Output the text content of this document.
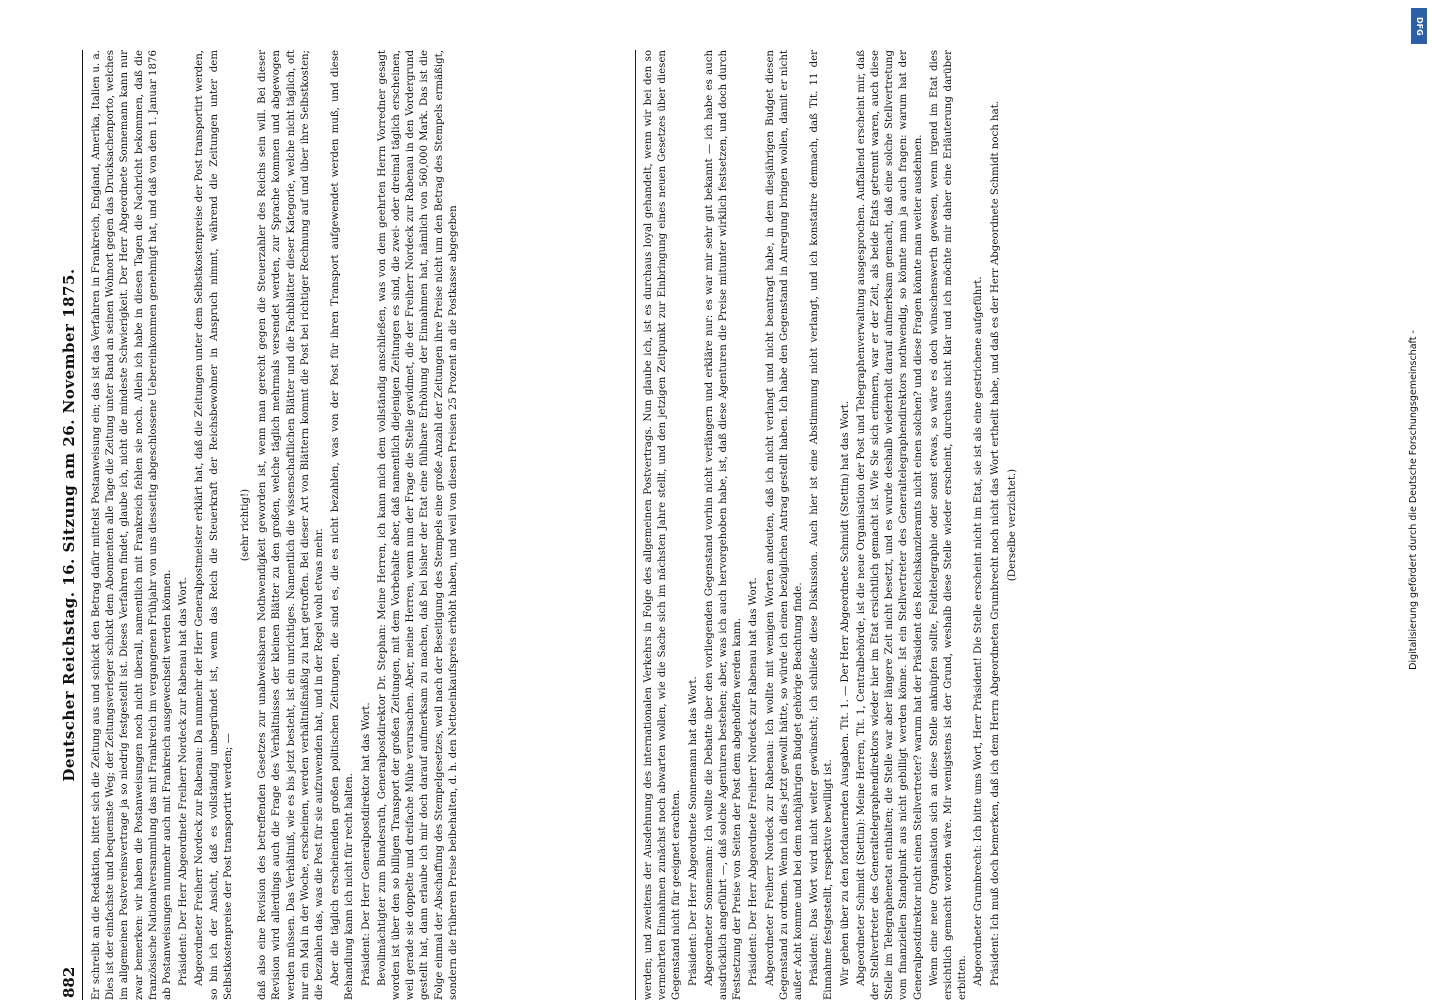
882
Deutscher Reichstag. 16. Sitzung am 26. November 1875. Er schreibt an die Redaktion, bittet sich die Zeitung aus und schickt den Betrag dafür mittelst Postanweisung ein; das ist das Verfahren in Frankreich, England, Amerika, Italien u. a. Dies ist der einfachste und bequemste Weg; der Zeitungsverleger schickt dem Abonnenten alle Tage die Zeitung unter Band an seinen Wohnort gegen das Drucksachenporto, welches im allgemeinen Postvereinsvertrage ja so niedrig festgestellt ist. Dieses Verfahren findet, glaube ich, nicht die mindeste Schwierigkeit. Der Herr Abgeordnete Sonnemann kann nur zwar bemerken: wir haben die Postanweisungen noch nicht überall, namentlich mit Frankreich fehlen sie noch. Allein ich habe in diesen Tagen die Nachricht bekommen, daß die französische Nationalversammlung das mit Frankreich im vergangenen Frühjahr von uns diesseitig abgeschlossene Uebereinkommen genehmigt hat, und daß von dem 1. Januar 1876 ab Postanweisungen nunmehr auch mit Frankreich ausgewechselt werden können. Präsident: Der Herr Abgeordnete Freiherr Nordeck zur Rabenau hat das Wort. Abgeordneter Freiherr Nordeck zur Rabenau: Da nunmehr der Herr Generalpostmeister erklärt hat, daß die Zeitungen unter dem Selbstkostenpreise der Post transportirt werden, so bin ich der Ansicht, daß es vollständig unbegründet ist, wenn das Reich die Steuerkraft der Reichsbewohner in Anspruch nimmt, während die Zeitungen unter dem Selbstkostenpreise der Post transportirt werden; —

(sehr richtig!) daß also eine Revision des betreffenden Gesetzes zur unabweisbaren Nothwendigkeit geworden ist, wenn man gerecht gegen die Steuerzahler des Reichs sein will. Bei dieser Revision wird allerdings auch die Frage des Verhältnisses der kleinen Blätter zu den großen, welche täglich mehrmals versendet werden, zur Sprache kommen und abgewogen werden müssen. Das Verhältniß, wie es bis jetzt besteht, ist ein unrichtiges. Namentlich die wissenschaftlichen Blätter und die Fachblätter dieser Kategorie, welche nicht täglich, oft nur ein Mal in der Woche, erscheinen, werden verhältnißmäßig zu hart getroffen. Bei dieser Art von Blättern kommt die Post bei richtiger Rechnung auf und über ihre Selbstkosten; die bezahlen das, was die Post für sie aufzuwenden hat, und in der Regel wohl etwas mehr. Aber die täglich erscheinenden großen politischen Zeitungen, die sind es, die es nicht bezahlen, was von der Post für ihren Transport aufgewendet werden muß, und diese Behandlung kann ich nicht für recht halten. Präsident: Der Herr Generalpostdirektor hat das Wort. Bevollmächtigter zum Bundesrath, Generalpostdirektor Dr. Stephan: Meine Herren, ich kann mich dem vollständig anschließen, was von dem geehrten Herrn Vorredner gesagt worden ist über den so billigen Transport der großen Zeitungen, mit dem Vorbehalte aber, daß namentlich diejenigen Zeitungen es sind, die zwei- oder dreimal täglich erscheinen, weil gerade sie doppelte und dreifache Mühe verursachen. Aber, meine Herren, wenn nun der Frage die Stelle gewidmet, die der Freiherr Nordeck zur Rabenau in den Vordergrund gestellt hat, dann erlaube ich mir doch darauf aufmerksam zu machen, daß bei bisher der Etat eine fühlbare Erhöhung der Einnahmen hat, nämlich von 560,000 Mark. Das ist die Folge einmal der Abschaffung des Stempelgesetzes, weil nach der Beseitigung des Stempels eine große Anzahl der Zeitungen ihre Preise nicht um den Betrag des Stempels ermäßigt, sondern die früheren Preise beibehalten, d. h. den Nettoeinkaufspreis erhöht haben, und weil von diesen Preisen 25 Prozent an die Postkasse abgegeben	werden; und zweitens der Ausdehnung des internationalen Verkehrs in Folge des allgemeinen Postvertrags. Nun glaube ich, ist es durchaus loyal gehandelt, wenn wir bei den so vermehrten Einnahmen zunächst noch abwarten wollen, wie die Sache sich im nächsten Jahre stellt, und den jetzigen Zeitpunkt zur Einbringung eines neuen Gesetzes über diesen Gegenstand nicht für geeignet erachten. Präsident: Der Herr Abgeordnete Sonnemann hat das Wort. Abgeordneter Sonnemann: Ich wollte die Debatte über den vorliegenden Gegenstand vorhin nicht verlängern und erkläre nur: es war mir sehr gut bekannt — ich habe es auch ausdrücklich angeführt —, daß solche Agenturen bestehen; aber, was ich auch hervorgehoben habe, ist, daß diese Agenturen die Preise mitunter wirklich festsetzen, und doch durch Festsetzung der Preise von Seiten der Post dem abgeholfen werden kann. Präsident: Der Herr Abgeordnete Freiherr Nordeck zur Rabenau hat das Wort. Abgeordneter Freiherr Nordeck zur Rabenau: Ich wollte mit wenigen Worten andeuten, daß ich nicht verlangt und nicht beantragt habe, in dem diesjährigen Budget diesen Gegenstand zu ordnen. Wenn ich dies jetzt gewollt hätte, so würde ich einen bezüglichen Antrag gestellt haben. Ich habe den Gegenstand in Anregung bringen wollen, damit er nicht außer Acht komme und bei dem nachjährigen Budget gehörige Beachtung finde. Präsident: Das Wort wird nicht weiter gewünscht; ich schließe diese Diskussion. Auch hier ist eine Abstimmung nicht verlangt, und ich konstatire demnach, daß Tit. 11 der Einnahme festgestellt, respektive bewilligt ist. Wir gehen über zu den fortdauernden Ausgaben. Tit. 1. — Der Herr Abgeordnete Schmidt (Stettin) hat das Wort. Abgeordneter Schmidt (Stettin): Meine Herren, Tit. 1, Centralbehörde, ist die neue Organisation der Post und Telegraphenverwaltung ausgesprochen. Auffallend erscheint mir, daß der Stellvertreter des Generaltelegraphendirektors wieder hier im Etat ersichtlich gemacht ist. Wie Sie sich erinnern, war er der Zeit, als beide Etats getrennt waren, auch diese Stelle im Telegraphenetat enthalten; die Stelle war aber längere Zeit nicht besetzt, und es wurde deshalb wiederholt darauf aufmerksam gemacht, daß eine solche Stellvertretung vom finanziellen Standpunkt aus nicht gebilligt werden könne. Ist ein Stellvertreter des Generaltelegraphendirektors nothwendig, so könnte man ja auch fragen: warum hat der Generalpostdirektor nicht einen Stellvertreter? warum hat der Präsident des Reichskanzleramts nicht einen solchen? und diese Fragen könnte man weiter ausdehnen. Wenn eine neue Organisation sich an diese Stelle anknüpfen sollte, Feldtelegraphie oder sonst etwas, so wäre es doch wünschenswerth gewesen, wenn irgend im Etat dies ersichtlich gemacht worden wäre. Mir wenigstens ist der Grund, weshalb diese Stelle wieder erscheint, durchaus nicht klar und ich möchte mir daher eine Erläuterung darüber erbitten. Abgeordneter Grumbrecht: Ich bitte ums Wort, Herr Präsident! Die Stelle erscheint nicht im Etat, sie ist als eine gestrichene aufgeführt. Präsident: Ich muß doch bemerken, daß ich dem Herrn Abgeordneten Grumbrecht noch nicht das Wort ertheilt habe, und daß es der Herr Abgeordnete Schmidt noch hat. (Derselbe verzichtet.)	Digitalisierung gefördert durch die Deutsche Forschungsgemeinschaft -
DFG
